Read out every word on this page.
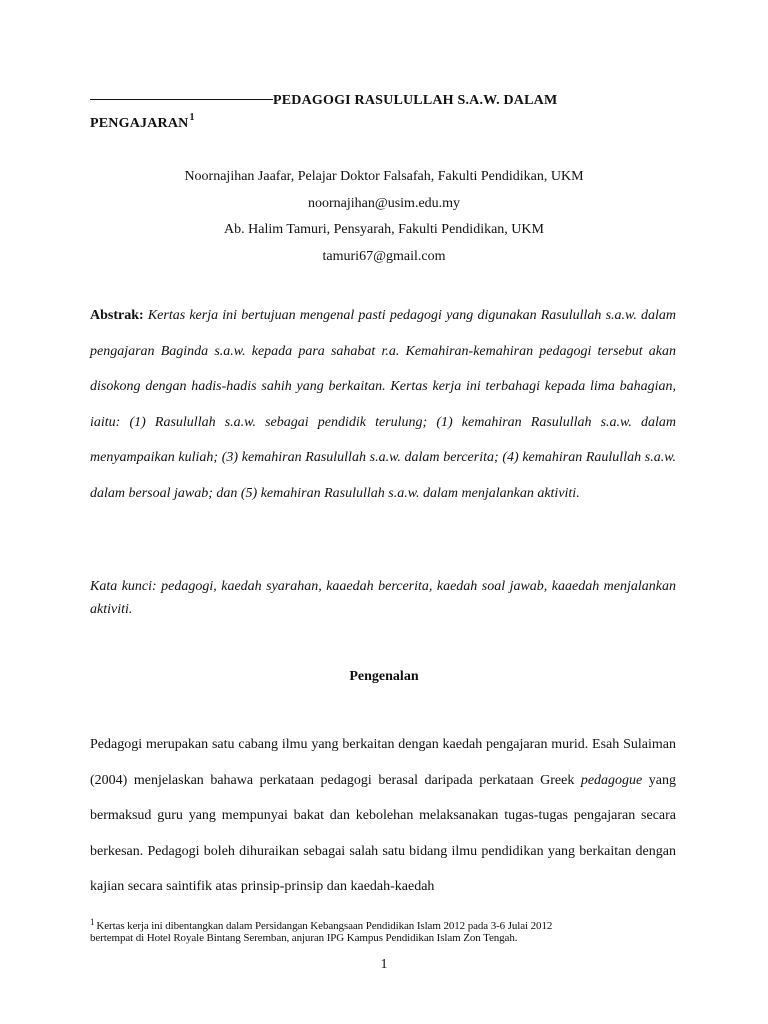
PEDAGOGI RASULULLAH S.A.W. DALAM
PENGAJARAN$^1$
Noornajihan Jaafar, Pelajar Doktor Falsafah, Fakulti Pendidikan, UKM
noornajihan@usim.edu.my
Ab. Halim Tamuri, Pensyarah, Fakulti Pendidikan, UKM
tamuri67@gmail.com
Abstrak: Kertas kerja ini bertujuan mengenal pasti pedagogi yang digunakan Rasulullah s.a.w. dalam pengajaran Baginda s.a.w. kepada para sahabat r.a. Kemahiran-kemahiran pedagogi tersebut akan disokong dengan hadis-hadis sahih yang berkaitan. Kertas kerja ini terbahagi kepada lima bahagian, iaitu: (1) Rasulullah s.a.w. sebagai pendidik terulung; (1) kemahiran Rasulullah s.a.w. dalam menyampaikan kuliah; (3) kemahiran Rasulullah s.a.w. dalam bercerita; (4) kemahiran Raulullah s.a.w. dalam bersoal jawab; dan (5) kemahiran Rasulullah s.a.w. dalam menjalankan aktiviti.
Kata kunci: pedagogi, kaedah syarahan, kaaedah bercerita, kaedah soal jawab, kaaedah menjalankan aktiviti.
Pengenalan
Pedagogi merupakan satu cabang ilmu yang berkaitan dengan kaedah pengajaran murid. Esah Sulaiman (2004) menjelaskan bahawa perkataan pedagogi berasal daripada perkataan Greek pedagogue yang bermaksud guru yang mempunyai bakat dan kebolehan melaksanakan tugas-tugas pengajaran secara berkesan. Pedagogi boleh dihuraikan sebagai salah satu bidang ilmu pendidikan yang berkaitan dengan kajian secara saintifik atas prinsip-prinsip dan kaedah-kaedah
$^1$ Kertas kerja ini dibentangkan dalam Persidangan Kebangsaan Pendidikan Islam 2012 pada 3-6 Julai 2012
bertempat di Hotel Royale Bintang Seremban, anjuran IPG Kampus Pendidikan Islam Zon Tengah.
1
